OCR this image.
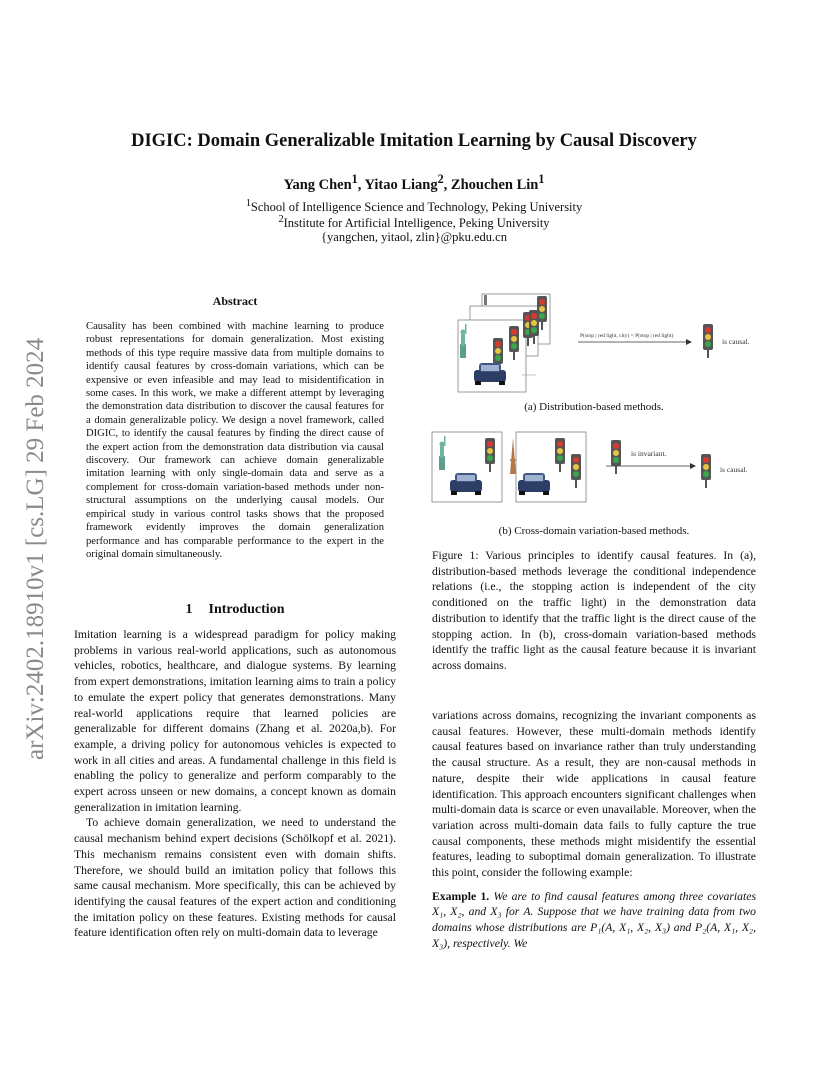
arXiv:2402.18910v1 [cs.LG] 29 Feb 2024
DIGIC: Domain Generalizable Imitation Learning by Causal Discovery
Yang Chen$^1$, Yitao Liang$^2$, Zhouchen Lin$^1$
$^1$School of Intelligence Science and Technology, Peking University
$^2$Institute for Artificial Intelligence, Peking University
{yangchen, yitaol, zlin}@pku.edu.cn
Abstract
Causality has been combined with machine learning to produce robust representations for domain generalization. Most existing methods of this type require massive data from multiple domains to identify causal features by cross-domain variations, which can be expensive or even infeasible and may lead to misidentification in some cases. In this work, we make a different attempt by leveraging the demonstration data distribution to discover the causal features for a domain generalizable policy. We design a novel framework, called DIGIC, to identify the causal features by finding the direct cause of the expert action from the demonstration data distribution via causal discovery. Our framework can achieve domain generalizable imitation learning with only single-domain data and serve as a complement for cross-domain variation-based methods under non-structural assumptions on the underlying causal models. Our empirical study in various control tasks shows that the proposed framework evidently improves the domain generalization performance and has comparable performance to the expert in the original domain simultaneously.
1 Introduction

Imitation learning is a widespread paradigm for policy making problems in various real-world applications, such as autonomous vehicles, robotics, healthcare, and dialogue systems. By learning from expert demonstrations, imitation learning aims to train a policy to emulate the expert policy that generates demonstrations. Many real-world applications require that learned policies are generalizable for different domains (Zhang et al. 2020a,b). For example, a driving policy for autonomous vehicles is expected to work in all cities and areas. A fundamental challenge in this field is enabling the policy to generalize and perform comparably to the expert across unseen or new domains, a concept known as domain generalization in imitation learning.

To achieve domain generalization, we need to understand the causal mechanism behind expert decisions (Schölkopf et al. 2021). This mechanism remains consistent even with domain shifts. Therefore, we should build an imitation policy that follows this same causal mechanism. More specifically, this can be achieved by identifying the causal features of the expert action and conditioning the imitation policy on these features. Existing methods for causal feature identification often rely on multi-domain data to leverage

P(stop | red light, city) = P(stop | red light)
is causal.
is invariant.
is causal.
(a) Distribution-based methods.
(b) Cross-domain variation-based methods.
Figure 1: Various principles to identify causal features. In (a), distribution-based methods leverage the conditional independence relations (i.e., the stopping action is independent of the city conditioned on the traffic light) in the demonstration data distribution to identify that the traffic light is the direct cause of the stopping action. In (b), cross-domain variation-based methods identify the traffic light as the causal feature because it is invariant across domains.

variations across domains, recognizing the invariant components as causal features. However, these multi-domain methods identify causal features based on invariance rather than truly understanding the causal structure. As a result, they are non-causal methods in nature, despite their wide applications in causal feature identification. This approach encounters significant challenges when multi-domain data is scarce or even unavailable. Moreover, when the variation across multi-domain data fails to fully capture the true causal components, these methods might misidentify the essential features, leading to suboptimal domain generalization. To illustrate this point, consider the following example:

Example 1. We are to find causal features among three covariates X₁, X₂, and X₃ for A. Suppose that we have training data from two domains whose distributions are P₁(A, X₁, X₂, X₃) and P₂(A, X₁, X₂, X₃), respectively. We
